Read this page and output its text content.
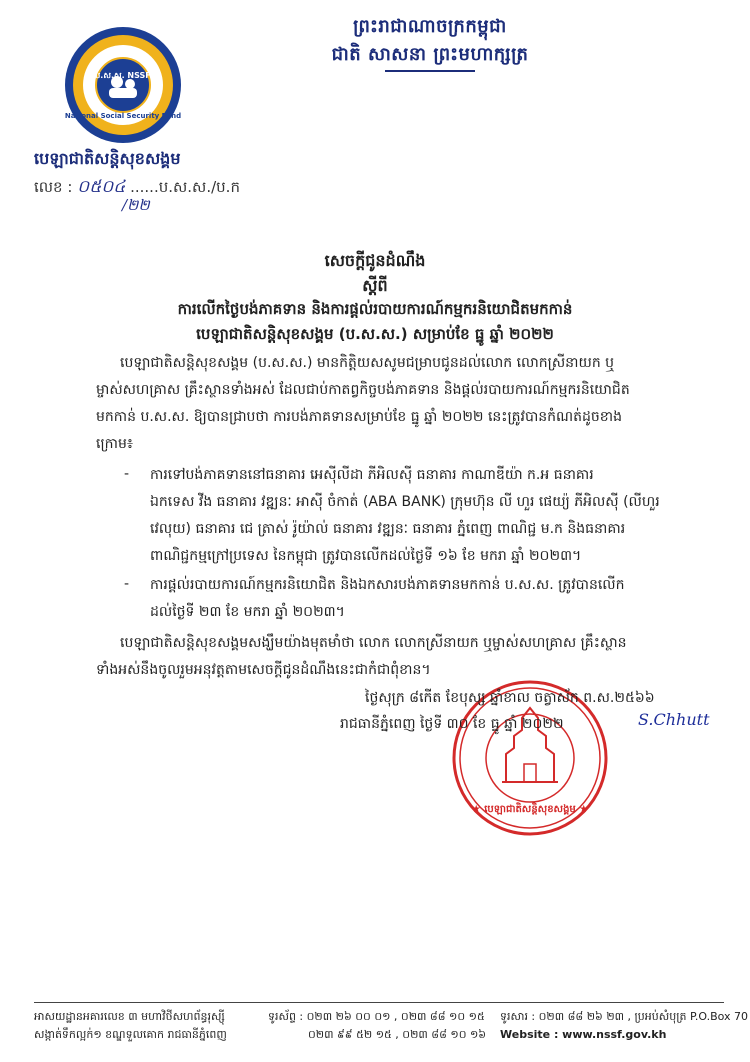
ព្រះរាជាណាចក្រកម្ពុជា
ជាតិ សាសនា ព្រះមហាក្សត្រ
ប.ស.ស. NSSF
National Social Security Fund
បេឡាជាតិសន្តិសុខសង្គម
លេខ : ០៥០៤ ......ប.ស.ស./ប.ក
/២២
សេចក្តីជូនដំណឹង
ស្តីពី
ការលើកថ្ងៃបង់ភាគទាន និងការផ្តល់របាយការណ៍កម្មករនិយោជិតមកកាន់
បេឡាជាតិសន្តិសុខសង្គម (ប.ស.ស.) សម្រាប់ខែ ធ្នូ ឆ្នាំ ២០២២
បេឡាជាតិសន្តិសុខសង្គម (ប.ស.ស.) មានកិត្តិយសសូមជម្រាបជូនដល់លោក លោកស្រីនាយក ឬ
ម្ចាស់សហគ្រាស គ្រឹះស្ថានទាំងអស់ ដែលជាប់កាតព្វកិច្ចបង់ភាគទាន និងផ្តល់របាយការណ៍កម្មករនិយោជិត
មកកាន់ ប.ស.ស. ឱ្យបានជ្រាបថា ការបង់ភាគទានសម្រាប់ខែ ធ្នូ ឆ្នាំ ២០២២ នេះត្រូវបានកំណត់ដូចខាង
ក្រោម៖
- ការទៅបង់ភាគទាននៅធនាគារ អេស៊ីលីដា ភីអិលស៊ី ធនាគារ កាណាឌីយ៉ា ក.អ ធនាគារ
ឯកទេស វីង ធនាគារ វឌ្ឍនៈ អាស៊ី ចំកាត់ (ABA BANK) ក្រុមហ៊ុន លី ហួរ ផេយ្យ៉ ភីអិលស៊ី (លីហួរ
វេលុយ) ធនាគារ ជេ ត្រាស់ រ៉ូយ៉ាល់ ធនាគារ វឌ្ឍនៈ ធនាគារ ភ្នំពេញ ពាណិជ្ជ ម.ក និងធនាគារ
ពាណិជ្ជកម្មក្រៅប្រទេស នៃកម្ពុជា ត្រូវបានលើកដល់ថ្ងៃទី ១៦ ខែ មករា ឆ្នាំ ២០២៣។
- ការផ្តល់របាយការណ៍កម្មករនិយោជិត និងឯកសារបង់ភាគទានមកកាន់ ប.ស.ស. ត្រូវបានលើក
ដល់ថ្ងៃទី ២៣ ខែ មករា ឆ្នាំ ២០២៣។
បេឡាជាតិសន្តិសុខសង្គមសង្ឃឹមយ៉ាងមុតមាំថា លោក លោកស្រីនាយក ឬម្ចាស់សហគ្រាស គ្រឹះស្ថាន
ទាំងអស់នឹងចូលរួមអនុវត្តតាមសេចក្តីជូនដំណឹងនេះជាកំជាពុំខាន។
★ បេឡាជាតិសន្តិសុខសង្គម ★
ថ្ងៃសុក្រ ៨កើត ខែបុស្ស ឆ្នាំខាល ចត្វាស័ក ព.ស.២៥៦៦
រាជធានីភ្នំពេញ ថ្ងៃទី ៣០ ខែ ធ្នូ ឆ្នាំ ២០២២	S.Chhutt
អាសយដ្ឋានអគារលេខ ៣ មហាវិថីសហព័ន្ធរុស្ស៊ី
សង្កាត់ទឹកល្អក់១ ខណ្ឌទួលគោក រាជធានីភ្នំពេញ
ទូរស័ព្ទ : ០២៣ ២៦ ០០ ០១ , ០២៣ ៨៨ ១០ ១៥
០២៣ ៩៩ ៥២ ១៥ , ០២៣ ៨៨ ១០ ១៦
ទូរសារ : ០២៣ ៨៨ ២៦ ២៣ , ប្រអប់សំបុត្រ P.O.Box 70
Website : www.nssf.gov.kh
